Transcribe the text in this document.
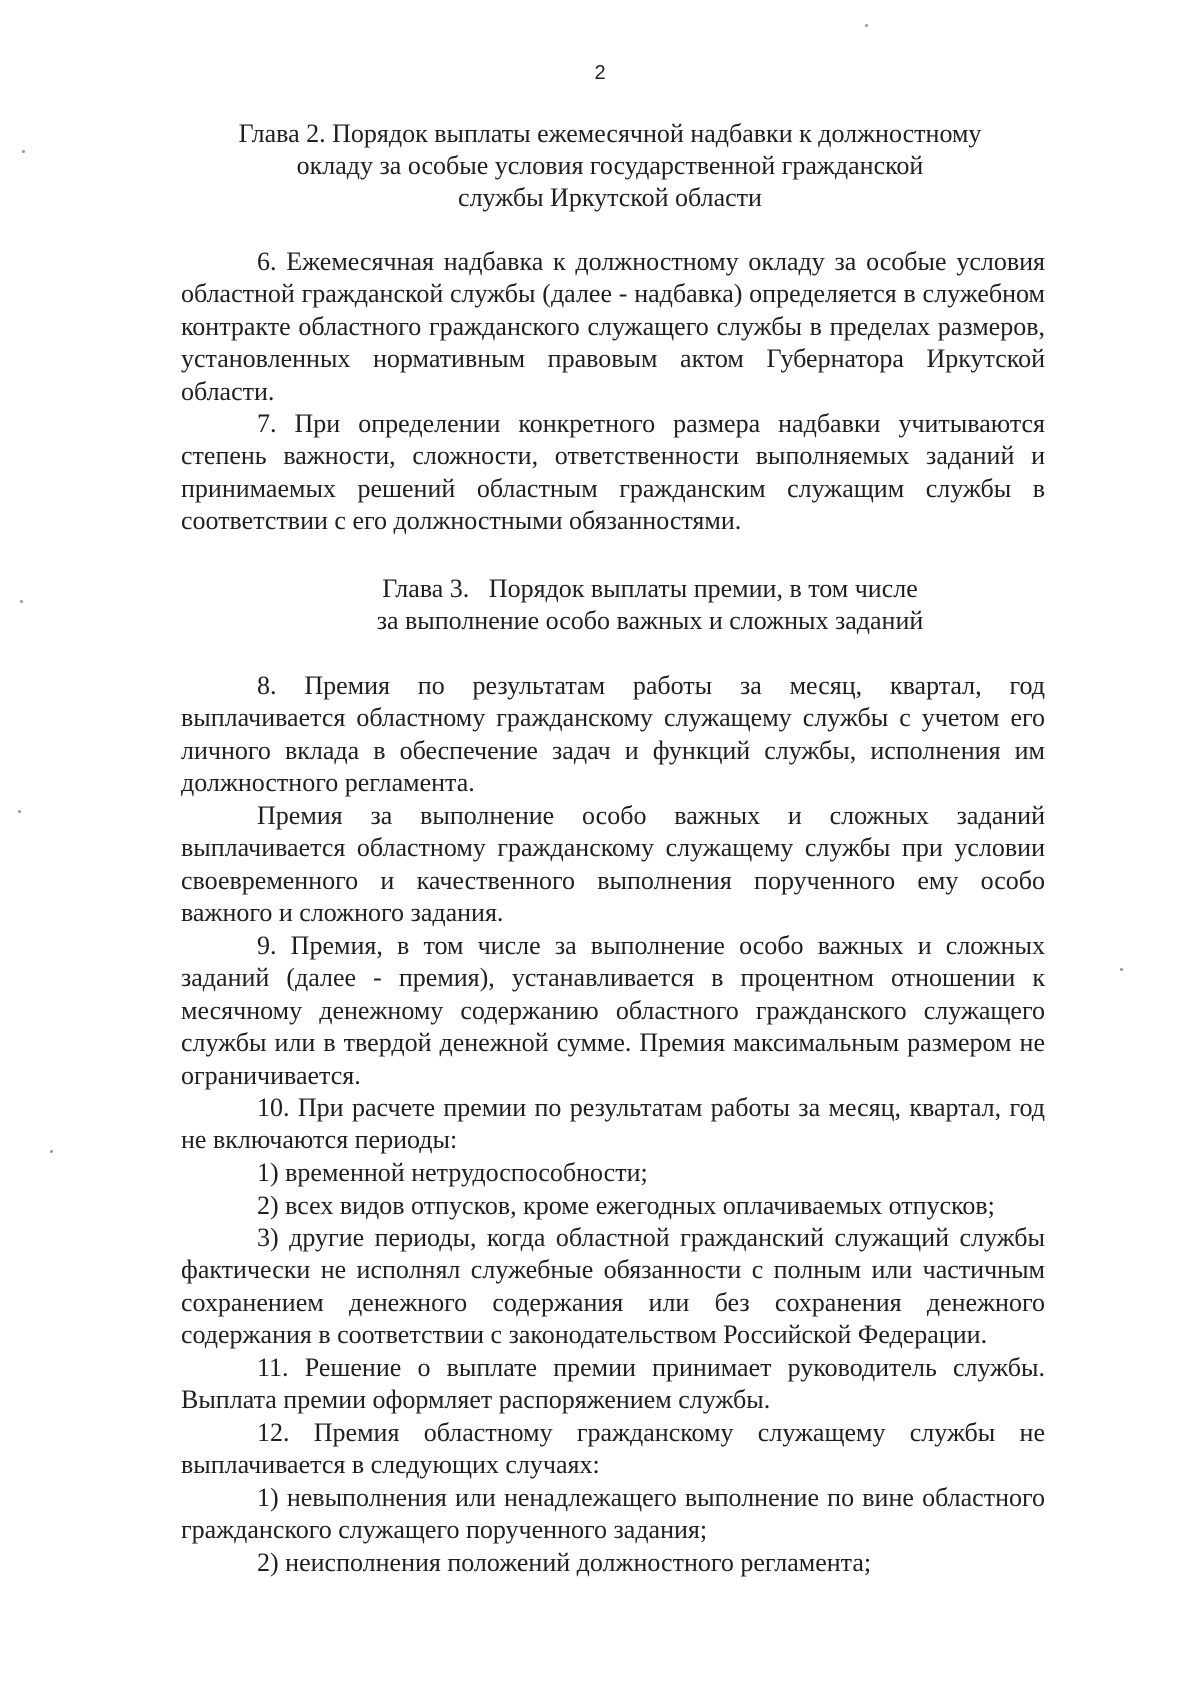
2
Глава 2. Порядок выплаты ежемесячной надбавки к должностному
окладу за особые условия государственной гражданской
службы Иркутской области

6. Ежемесячная надбавка к должностному окладу за особые условия областной гражданской службы (далее - надбавка) определяется в служебном контракте областного гражданского служащего службы в пределах размеров, установленных нормативным правовым актом Губернатора Иркутской области.

7. При определении конкретного размера надбавки учитываются степень важности, сложности, ответственности выполняемых заданий и принимаемых решений областным гражданским служащим службы в соответствии с его должностными обязанностями.

Глава 3.   Порядок выплаты премии, в том числе
за выполнение особо важных и сложных заданий

8. Премия по результатам работы за месяц, квартал, год выплачивается областному гражданскому служащему службы с учетом его личного вклада в обеспечение задач и функций службы, исполнения им должностного регламента.

Премия за выполнение особо важных и сложных заданий выплачивается областному гражданскому служащему службы при условии своевременного и качественного выполнения порученного ему особо важного и сложного задания.

9. Премия, в том числе за выполнение особо важных и сложных заданий (далее - премия), устанавливается в процентном отношении к месячному денежному содержанию областного гражданского служащего службы или в твердой денежной сумме. Премия максимальным размером не ограничивается.

10. При расчете премии по результатам работы за месяц, квартал, год не включаются периоды:

1) временной нетрудоспособности;

2) всех видов отпусков, кроме ежегодных оплачиваемых отпусков;

3) другие периоды, когда областной гражданский служащий службы фактически не исполнял служебные обязанности с полным или частичным сохранением денежного содержания или без сохранения денежного содержания в соответствии с законодательством Российской Федерации.

11. Решение о выплате премии принимает руководитель службы. Выплата премии оформляет распоряжением службы.

12. Премия областному гражданскому служащему службы не выплачивается в следующих случаях:

1) невыполнения или ненадлежащего выполнение по вине областного гражданского служащего порученного задания;

2) неисполнения положений должностного регламента;
